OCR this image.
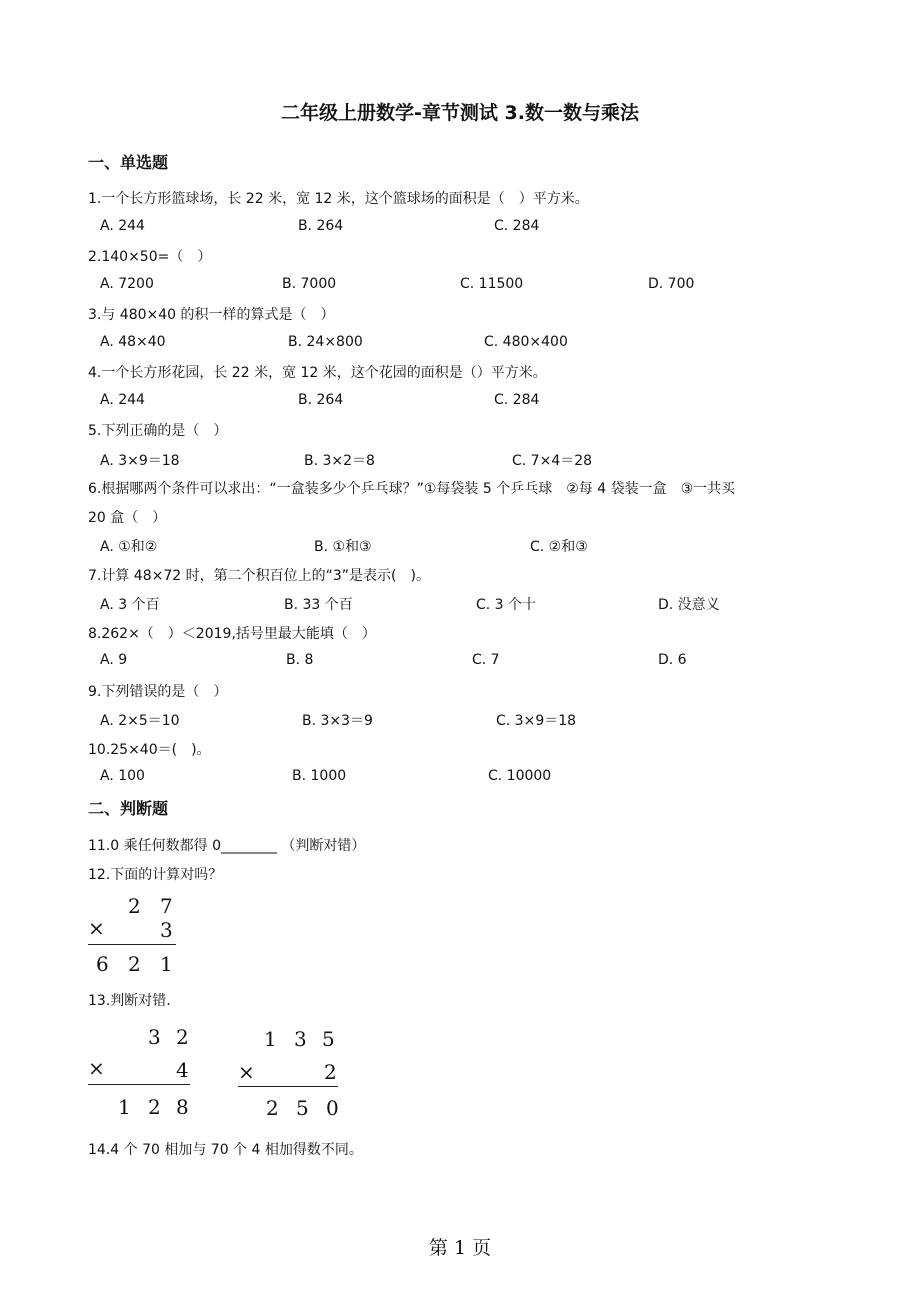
二年级上册数学-章节测试 3.数一数与乘法
一、单选题
1.一个长方形篮球场，长 22 米，宽 12 米，这个篮球场的面积是（　）平方米。
A. 244	B. 264	C. 284
2.140×50=（　）
A. 7200	B. 7000	C. 11500	D. 700
3.与 480×40 的积一样的算式是（　）
A. 48×40	B. 24×800	C. 480×400
4.一个长方形花园，长 22 米，宽 12 米，这个花园的面积是（）平方米。
A. 244	B. 264	C. 284
5.下列正确的是（　）
A. 3×9＝18	B. 3×2＝8	C. 7×4＝28
6.根据哪两个条件可以求出：“一盒装多少个乒乓球？”①每袋装 5 个乒乓球　②每 4 袋装一盒　③一共买
20 盒（　）
A. ①和②	B. ①和③	C. ②和③
7.计算 48×72 时，第二个积百位上的“3”是表示(　)。
A. 3 个百	B. 33 个百	C. 3 个十	D. 没意义
8.262×（　）＜2019,括号里最大能填（　）
A. 9	B. 8	C. 7	D. 6
9.下列错误的是（　）
A. 2×5＝10	B. 3×3＝9	C. 3×9＝18
10.25×40＝(　)。
A. 100	B. 1000	C. 10000
二、判断题
11.0 乘任何数都得 0________ （判断对错）
12.下面的计算对吗？
2 7
×	3
6 2 1
13.判断对错.
3 2
×	4
1 2 8
1 3 5
×	2
2 5 0
14.4 个 70 相加与 70 个 4 相加得数不同。
第 1 页
